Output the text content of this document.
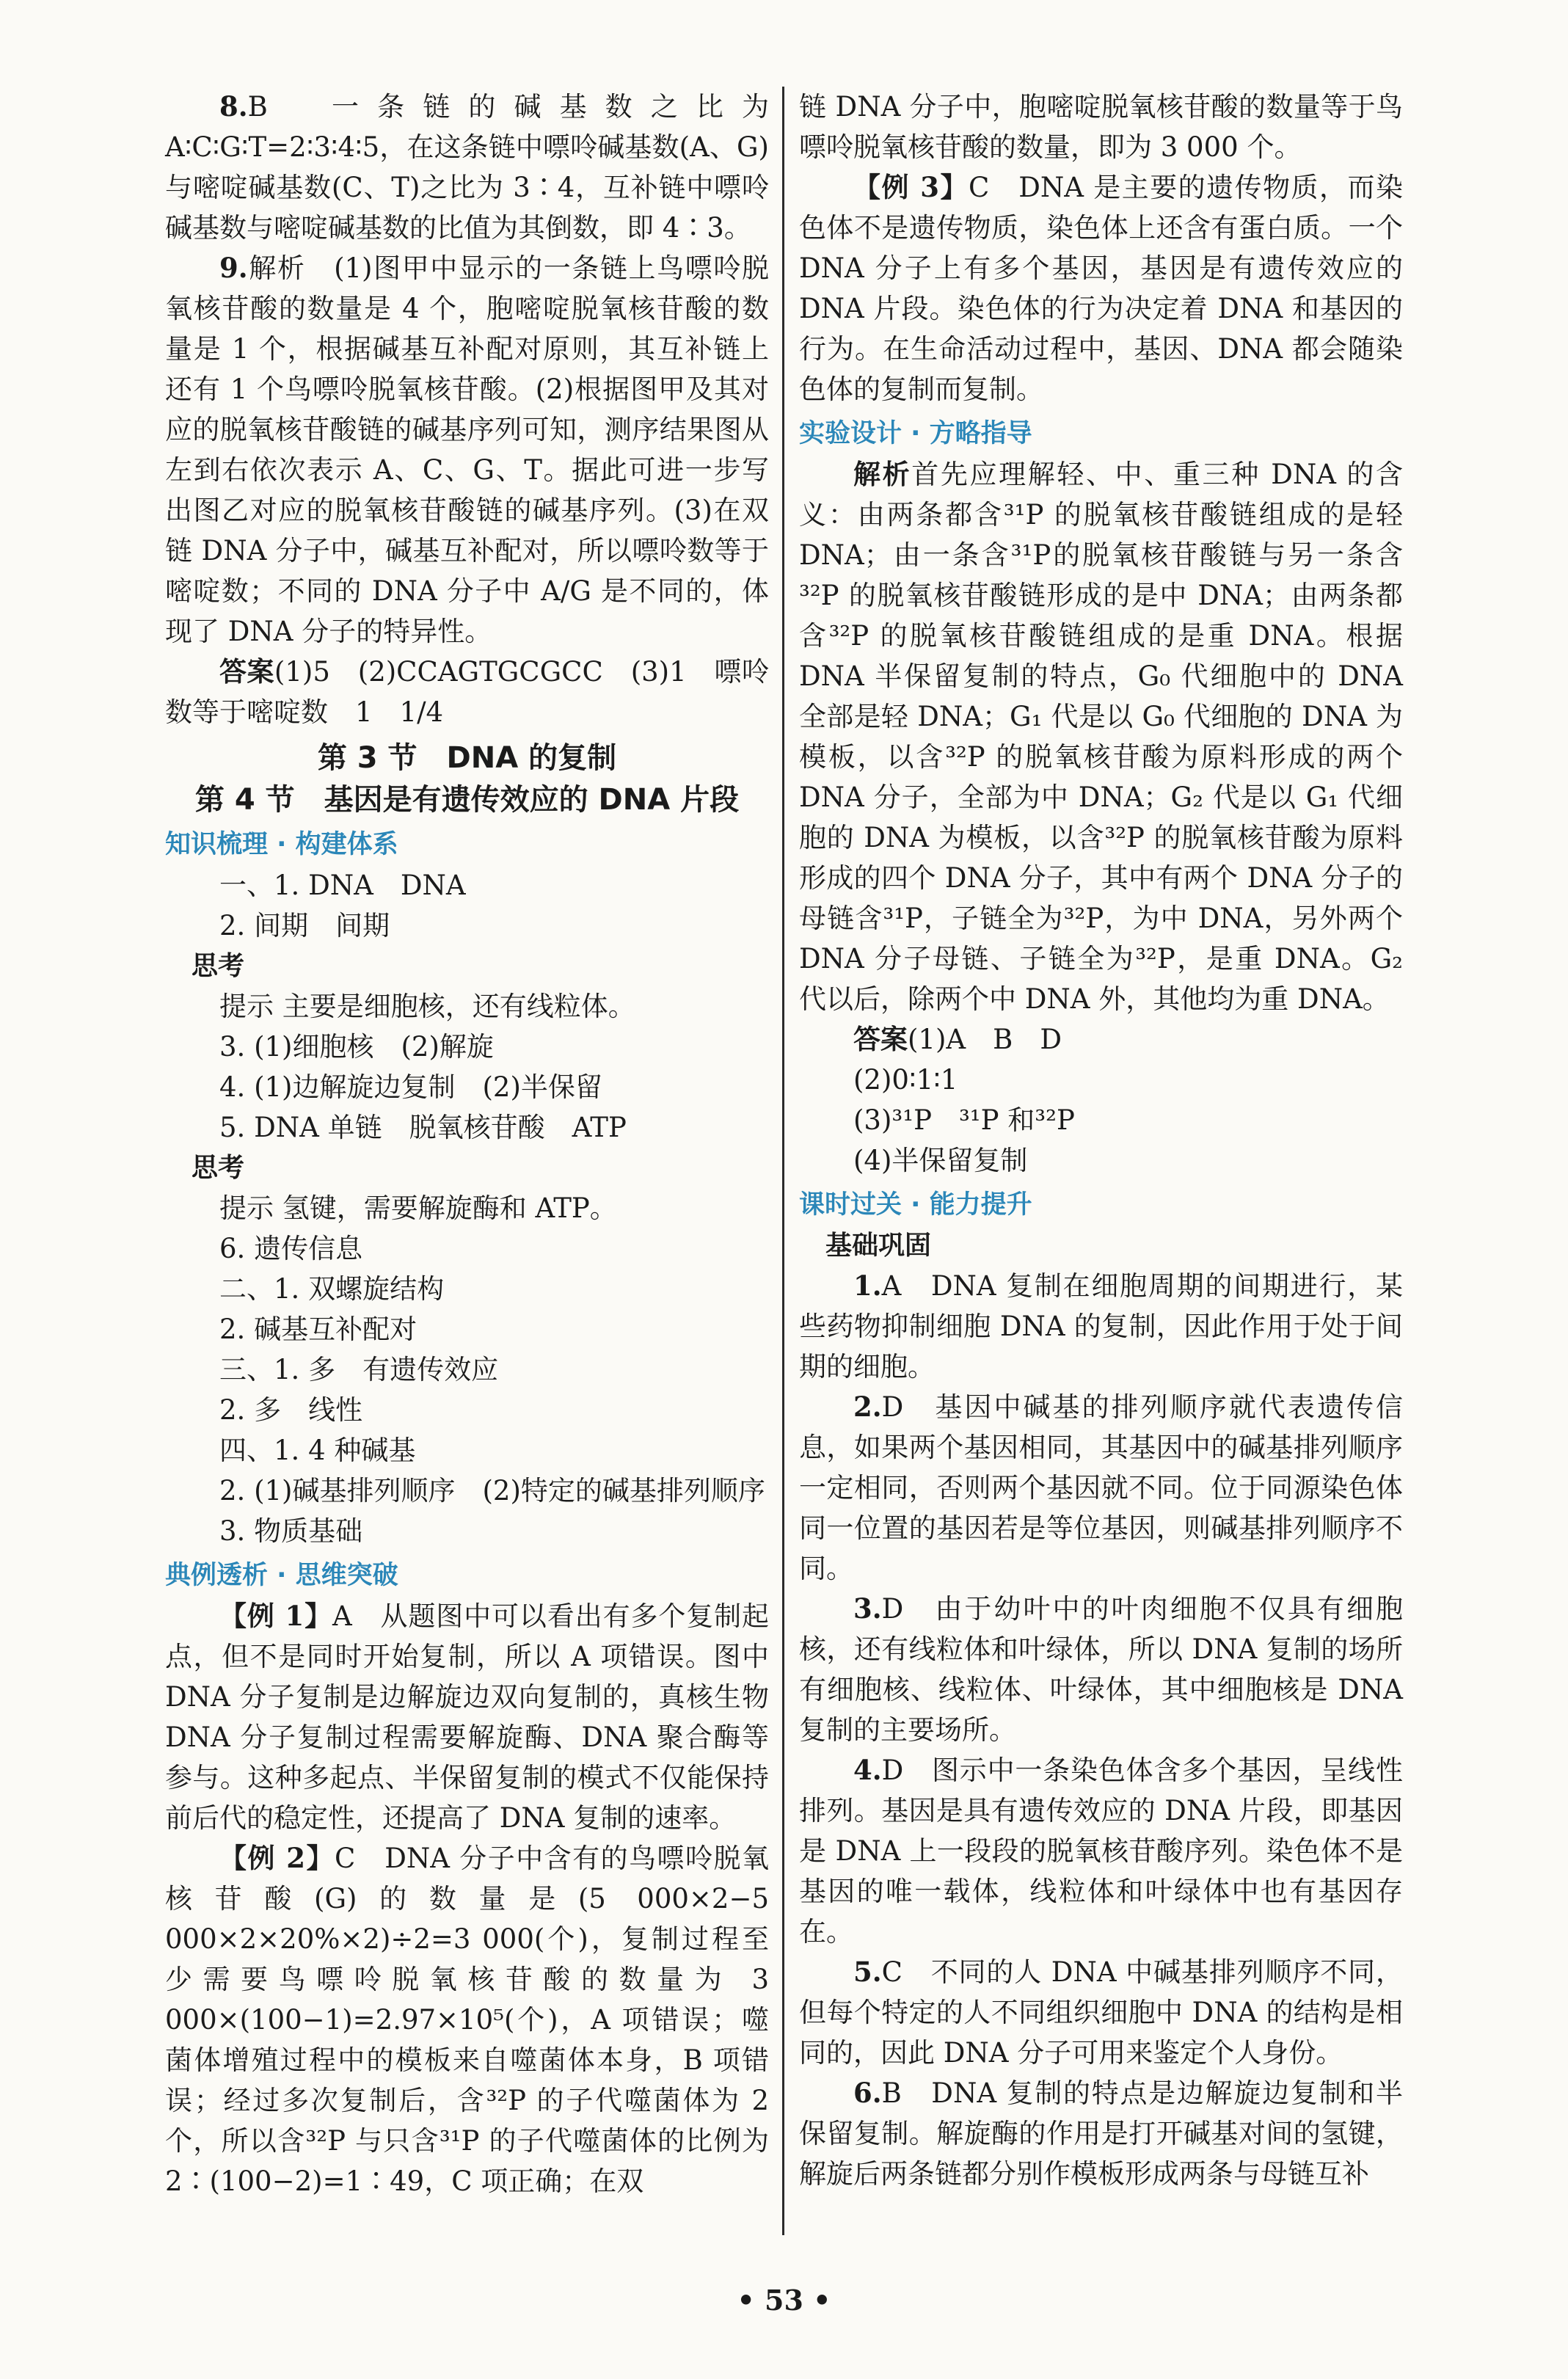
8.B　一条链的碱基数之比为 A∶C∶G∶T=2∶3∶4∶5，在这条链中嘌呤碱基数(A、G)与嘧啶碱基数(C、T)之比为 3∶4，互补链中嘌呤碱基数与嘧啶碱基数的比值为其倒数，即 4∶3。

9.解析　(1)图甲中显示的一条链上鸟嘌呤脱氧核苷酸的数量是 4 个，胞嘧啶脱氧核苷酸的数量是 1 个，根据碱基互补配对原则，其互补链上还有 1 个鸟嘌呤脱氧核苷酸。(2)根据图甲及其对应的脱氧核苷酸链的碱基序列可知，测序结果图从左到右依次表示 A、C、G、T。据此可进一步写出图乙对应的脱氧核苷酸链的碱基序列。(3)在双链 DNA 分子中，碱基互补配对，所以嘌呤数等于嘧啶数；不同的 DNA 分子中 A/G 是不同的，体现了 DNA 分子的特异性。

答案(1)5　(2)CCAGTGCGCC　(3)1　嘌呤数等于嘧啶数　1　1/4

第 3 节　DNA 的复制
第 4 节　基因是有遗传效应的 DNA 片段
知识梳理 · 构建体系

一、1. DNA　DNA

2. 间期　间期

思考

提示 主要是细胞核，还有线粒体。

3. (1)细胞核　(2)解旋

4. (1)边解旋边复制　(2)半保留

5. DNA 单链　脱氧核苷酸　ATP

思考

提示 氢键，需要解旋酶和 ATP。

6. 遗传信息

二、1. 双螺旋结构

2. 碱基互补配对

三、1. 多　有遗传效应

2. 多　线性

四、1. 4 种碱基

2. (1)碱基排列顺序　(2)特定的碱基排列顺序

3. 物质基础

典例透析 · 思维突破

【例 1】A　从题图中可以看出有多个复制起点，但不是同时开始复制，所以 A 项错误。图中 DNA 分子复制是边解旋边双向复制的，真核生物 DNA 分子复制过程需要解旋酶、DNA 聚合酶等参与。这种多起点、半保留复制的模式不仅能保持前后代的稳定性，还提高了 DNA 复制的速率。

【例 2】C　DNA 分子中含有的鸟嘌呤脱氧核苷酸(G)的数量是(5 000×2−5 000×2×20%×2)÷2=3 000(个)，复制过程至少需要鸟嘌呤脱氧核苷酸的数量为 3 000×(100−1)=2.97×10⁵(个)，A 项错误；噬菌体增殖过程中的模板来自噬菌体本身，B 项错误；经过多次复制后，含³²P 的子代噬菌体为 2 个，所以含³²P 与只含³¹P 的子代噬菌体的比例为 2∶(100−2)=1∶49，C 项正确；在双

链 DNA 分子中，胞嘧啶脱氧核苷酸的数量等于鸟嘌呤脱氧核苷酸的数量，即为 3 000 个。

【例 3】C　DNA 是主要的遗传物质，而染色体不是遗传物质，染色体上还含有蛋白质。一个 DNA 分子上有多个基因，基因是有遗传效应的 DNA 片段。染色体的行为决定着 DNA 和基因的行为。在生命活动过程中，基因、DNA 都会随染色体的复制而复制。

实验设计 · 方略指导

解析首先应理解轻、中、重三种 DNA 的含义：由两条都含³¹P 的脱氧核苷酸链组成的是轻 DNA；由一条含³¹P的脱氧核苷酸链与另一条含³²P 的脱氧核苷酸链形成的是中 DNA；由两条都含³²P 的脱氧核苷酸链组成的是重 DNA。根据 DNA 半保留复制的特点，G₀ 代细胞中的 DNA 全部是轻 DNA；G₁ 代是以 G₀ 代细胞的 DNA 为模板，以含³²P 的脱氧核苷酸为原料形成的两个 DNA 分子，全部为中 DNA；G₂ 代是以 G₁ 代细胞的 DNA 为模板，以含³²P 的脱氧核苷酸为原料形成的四个 DNA 分子，其中有两个 DNA 分子的母链含³¹P，子链全为³²P，为中 DNA，另外两个 DNA 分子母链、子链全为³²P，是重 DNA。G₂ 代以后，除两个中 DNA 外，其他均为重 DNA。

答案(1)A　B　D

(2)0∶1∶1

(3)³¹P　³¹P 和³²P

(4)半保留复制

课时过关 · 能力提升
基础巩固

1.A　DNA 复制在细胞周期的间期进行，某些药物抑制细胞 DNA 的复制，因此作用于处于间期的细胞。

2.D　基因中碱基的排列顺序就代表遗传信息，如果两个基因相同，其基因中的碱基排列顺序一定相同，否则两个基因就不同。位于同源染色体同一位置的基因若是等位基因，则碱基排列顺序不同。

3.D　由于幼叶中的叶肉细胞不仅具有细胞核，还有线粒体和叶绿体，所以 DNA 复制的场所有细胞核、线粒体、叶绿体，其中细胞核是 DNA 复制的主要场所。

4.D　图示中一条染色体含多个基因，呈线性排列。基因是具有遗传效应的 DNA 片段，即基因是 DNA 上一段段的脱氧核苷酸序列。染色体不是基因的唯一载体，线粒体和叶绿体中也有基因存在。

5.C　不同的人 DNA 中碱基排列顺序不同，但每个特定的人不同组织细胞中 DNA 的结构是相同的，因此 DNA 分子可用来鉴定个人身份。

6.B　DNA 复制的特点是边解旋边复制和半保留复制。解旋酶的作用是打开碱基对间的氢键，解旋后两条链都分别作模板形成两条与母链互补

• 53 •
